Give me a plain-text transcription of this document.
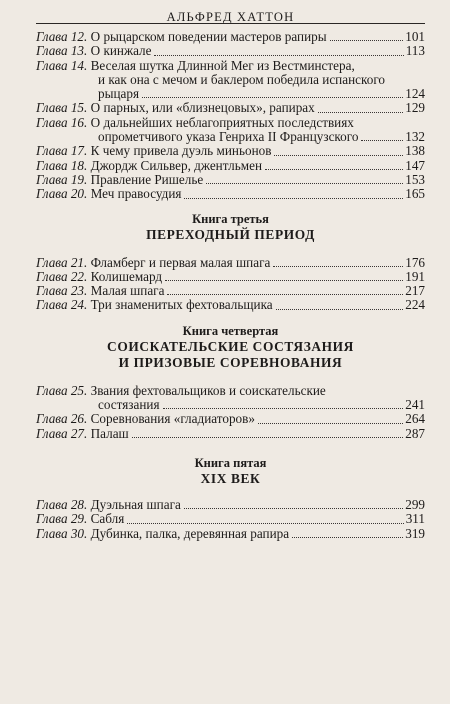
АЛЬФРЕД ХАТТОН
Глава 12. О рыцарском поведении мастеров рапиры	101
Глава 13. О кинжале	113
Глава 14. Веселая шутка Длинной Мег из Вестминстера,
и как она с мечом и баклером победила испанского
рыцаря	124
Глава 15. О парных, или «близнецовых», рапирах	129
Глава 16. О дальнейших неблагоприятных последствиях
опрометчивого указа Генриха II Французского	132
Глава 17. К чему привела дуэль миньонов	138
Глава 18. Джордж Сильвер, джентльмен	147
Глава 19. Правление Ришелье	153
Глава 20. Меч правосудия	165
Книга третья
ПЕРЕХОДНЫЙ ПЕРИОД
Глава 21. Фламберг и первая малая шпага	176
Глава 22. Колишемард	191
Глава 23. Малая шпага	217
Глава 24. Три знаменитых фехтовальщика	224
Книга четвертая
СОИСКАТЕЛЬСКИЕ СОСТЯЗАНИЯ
И ПРИЗОВЫЕ СОРЕВНОВАНИЯ
Глава 25. Звания фехтовальщиков и соискательские
состязания	241
Глава 26. Соревнования «гладиаторов»	264
Глава 27. Палаш	287
Книга пятая
XIX ВЕК
Глава 28. Дуэльная шпага	299
Глава 29. Сабля	311
Глава 30. Дубинка, палка, деревянная рапира	319
